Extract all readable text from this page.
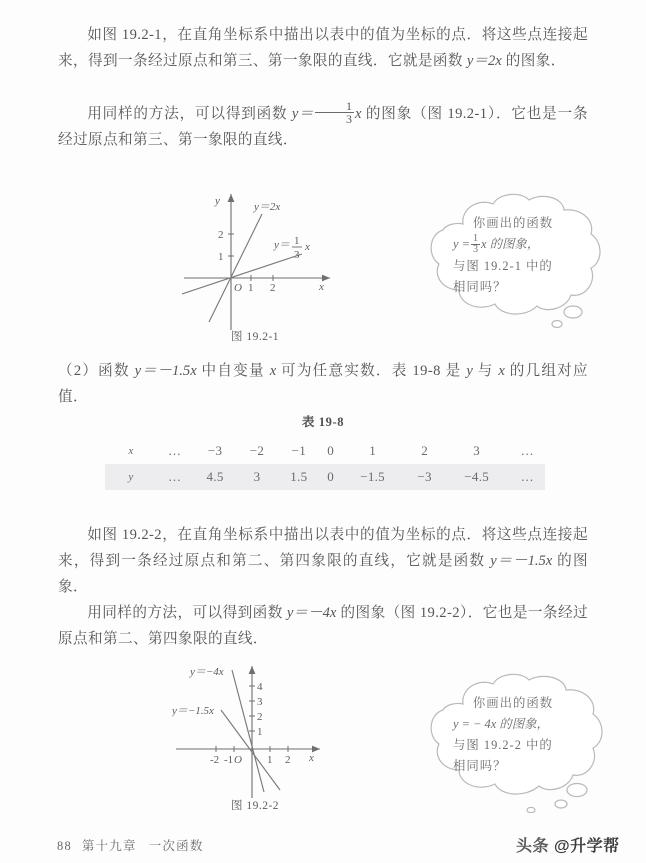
如图 19.2-1，在直角坐标系中描出以表中的值为坐标的点．将这些点连接起来，得到一条经过原点和第三、第一象限的直线．它就是函数 y＝2x 的图象．
用同样的方法，可以得到函数 $y= \frac{1}{3}$ x 的图象（图 19.2-1）．它也是一条经过原点和第三、第一象限的直线．
y
x
O 1 2
1
2
y＝2x
y＝ 1
3
x
图 19.2-1
你画出的函数
$y = \frac{1}{3}$ x 的图象，
与图 19.2-1 中的
相同吗？
（2）函数 y＝－1.5x 中自变量 x 可为任意实数．表 19-8 是 y 与 x 的几组对应值．
表 19-8
x	…	−3	−2	−1	0	1	2	3	…
y	…	4.5	3	1.5	0	−1.5	−3	−4.5	…
如图 19.2-2，在直角坐标系中描出以表中的值为坐标的点．将这些点连接起来，得到一条经过原点和第二、第四象限的直线，它就是函数 y＝－1.5x 的图象．
用同样的方法，可以得到函数 y＝－4x 的图象（图 19.2-2）．它也是一条经过原点和第二、第四象限的直线．
x
O
-2 -1	1 2
1
2
3
4
y＝−4x
y＝−1.5x
图 19.2-2
你画出的函数
y = − 4x 的图象，
与图 19.2-2 中的
相同吗？
88 第十九章 一次函数	头条 @升学帮
